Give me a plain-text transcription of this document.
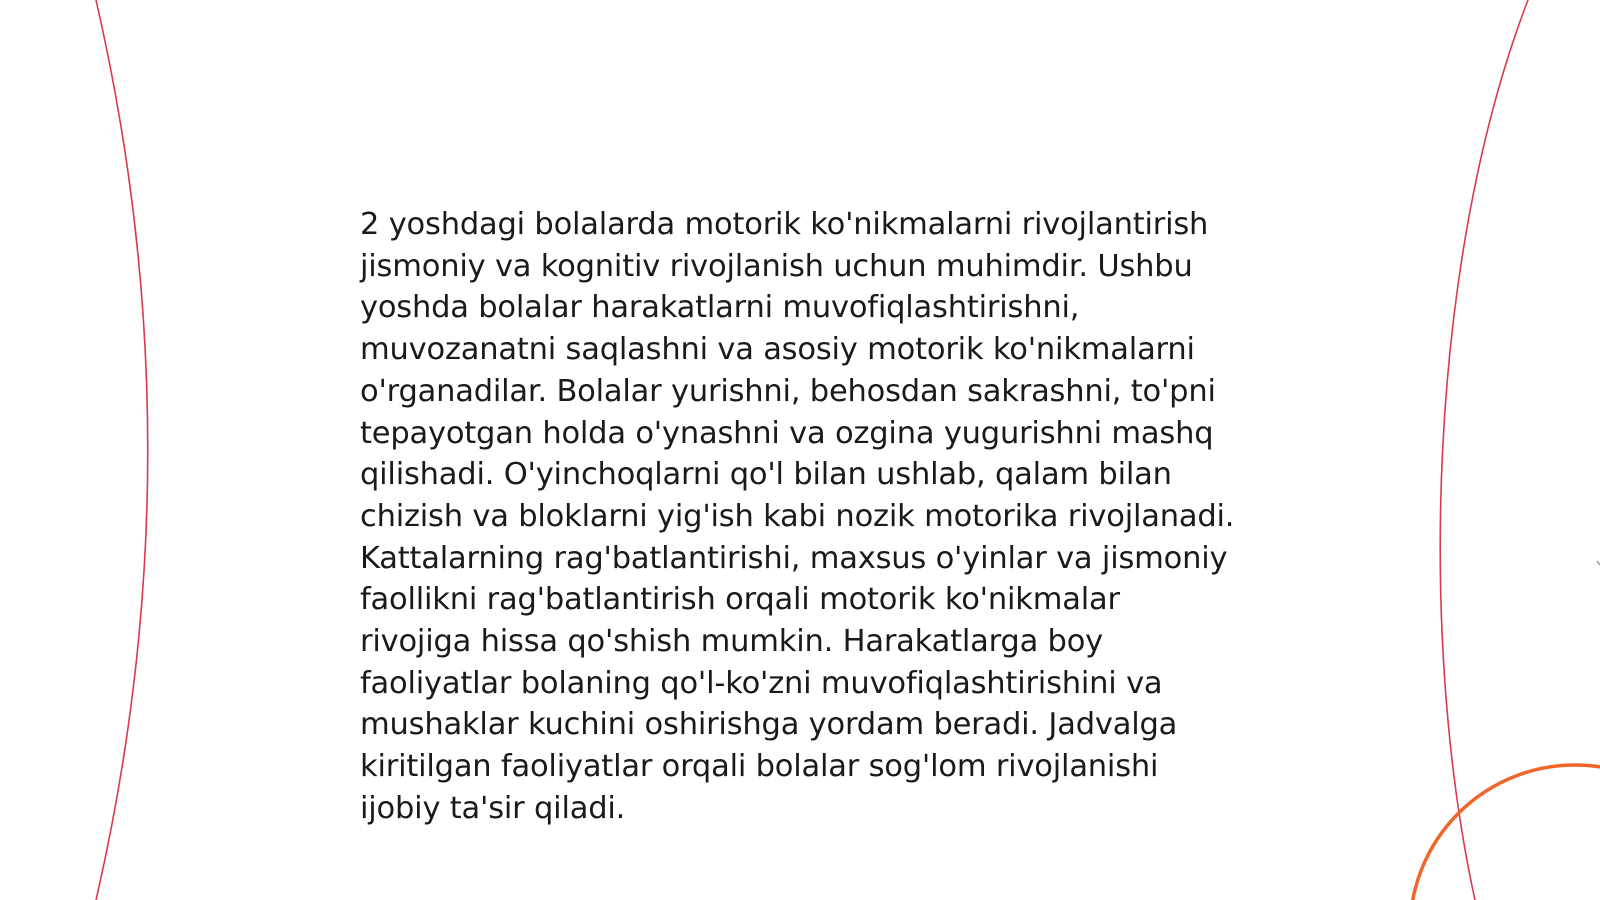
2 yoshdagi bolalarda motorik ko'nikmalarni rivojlantirish jismoniy va kognitiv rivojlanish uchun muhimdir. Ushbu yoshda bolalar harakatlarni muvofiqlashtirishni, muvozanatni saqlashni va asosiy motorik ko'nikmalarni o'rganadilar. Bolalar yurishni, behosdan sakrashni, to'pni tepayotgan holda o'ynashni va ozgina yugurishni mashq qilishadi. O'yinchoqlarni qo'l bilan ushlab, qalam bilan chizish va bloklarni yig'ish kabi nozik motorika rivojlanadi. Kattalarning rag'batlantirishi, maxsus o'yinlar va jismoniy faollikni rag'batlantirish orqali motorik ko'nikmalar rivojiga hissa qo'shish mumkin. Harakatlarga boy faoliyatlar bolaning qo'l-ko'zni muvofiqlashtirishini va mushaklar kuchini oshirishga yordam beradi. Jadvalga kiritilgan faoliyatlar orqali bolalar sog'lom rivojlanishi ijobiy ta'sir qiladi.
